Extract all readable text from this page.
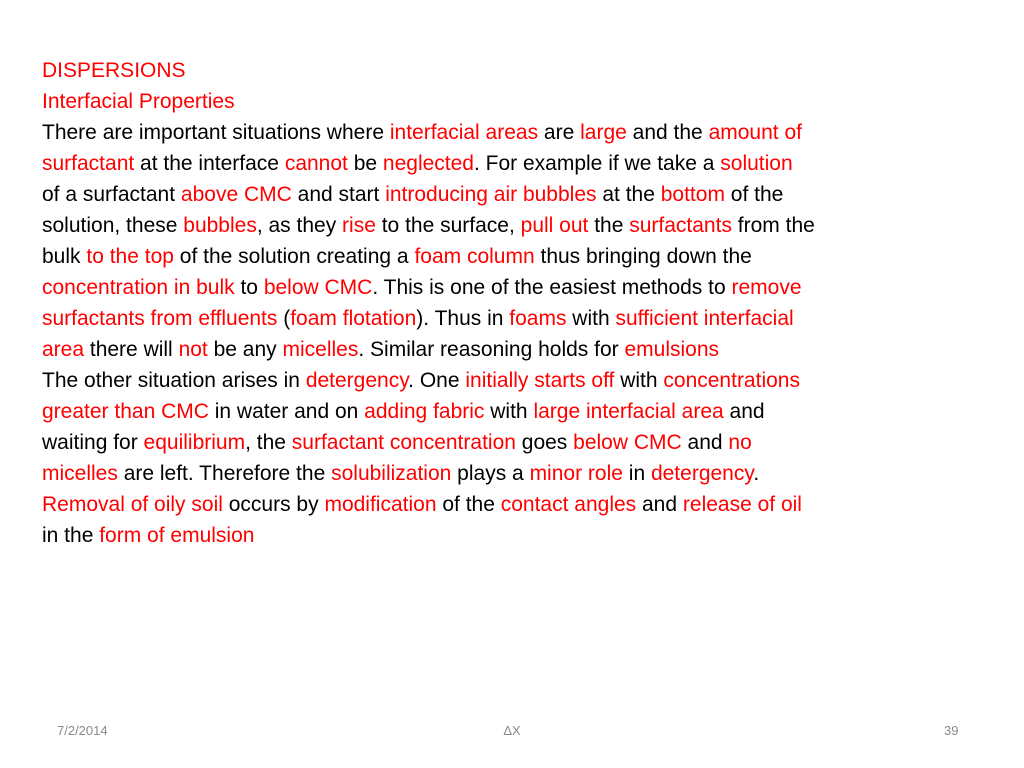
DISPERSIONS
Interfacial Properties
There are important situations where interfacial areas are large and the amount of
surfactant at the interface cannot be neglected. For example if we take a solution
of a surfactant above CMC and start introducing air bubbles at the bottom of the
solution, these bubbles, as they rise to the surface, pull out the surfactants from the
bulk to the top of the solution creating a foam column thus bringing down the
concentration in bulk to below CMC. This is one of the easiest methods to remove
surfactants from effluents (foam flotation). Thus in foams with sufficient interfacial
area there will not be any micelles. Similar reasoning holds for emulsions
The other situation arises in detergency. One initially starts off with concentrations
greater than CMC in water and on adding fabric with large interfacial area and
waiting for equilibrium, the surfactant concentration goes below CMC and no
micelles are left. Therefore the solubilization plays a minor role in detergency.
Removal of oily soil occurs by modification of the contact angles and release of oil
in the form of emulsion
7/2/2014	ΔX	39
